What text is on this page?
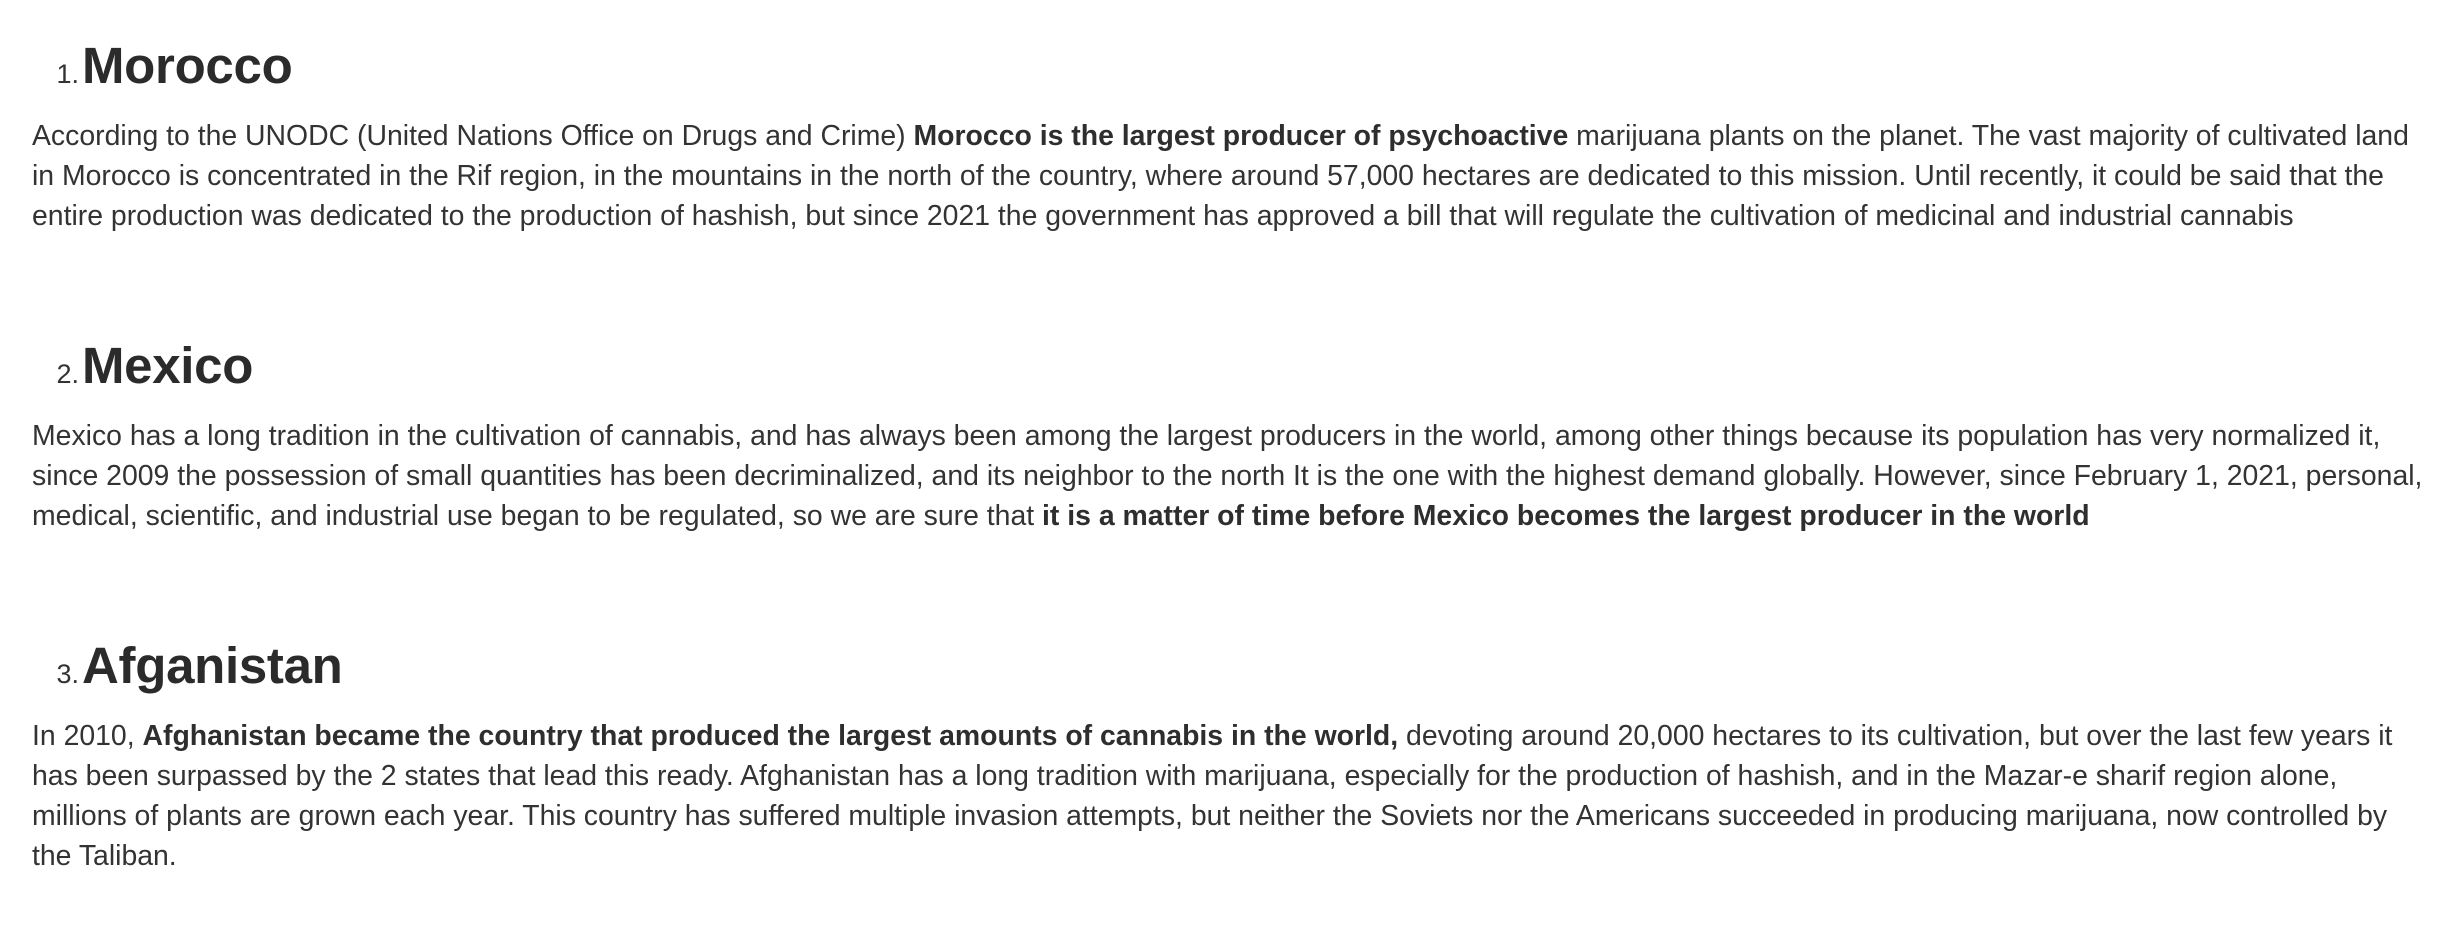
1. Morocco

According to the UNODC (United Nations Office on Drugs and Crime) Morocco is the largest producer of psychoactive marijuana plants on the planet. The vast majority of cultivated land in Morocco is concentrated in the Rif region, in the mountains in the north of the country, where around 57,000 hectares are dedicated to this mission. Until recently, it could be said that the entire production was dedicated to the production of hashish, but since 2021 the government has approved a bill that will regulate the cultivation of medicinal and industrial cannabis

2. Mexico

Mexico has a long tradition in the cultivation of cannabis, and has always been among the largest producers in the world, among other things because its population has very normalized it, since 2009 the possession of small quantities has been decriminalized, and its neighbor to the north It is the one with the highest demand globally. However, since February 1, 2021, personal, medical, scientific, and industrial use began to be regulated, so we are sure that it is a matter of time before Mexico becomes the largest producer in the world

3. Afganistan

In 2010, Afghanistan became the country that produced the largest amounts of cannabis in the world, devoting around 20,000 hectares to its cultivation, but over the last few years it has been surpassed by the 2 states that lead this ready. Afghanistan has a long tradition with marijuana, especially for the production of hashish, and in the Mazar-e sharif region alone, millions of plants are grown each year. This country has suffered multiple invasion attempts, but neither the Soviets nor the Americans succeeded in producing marijuana, now controlled by the Taliban.
